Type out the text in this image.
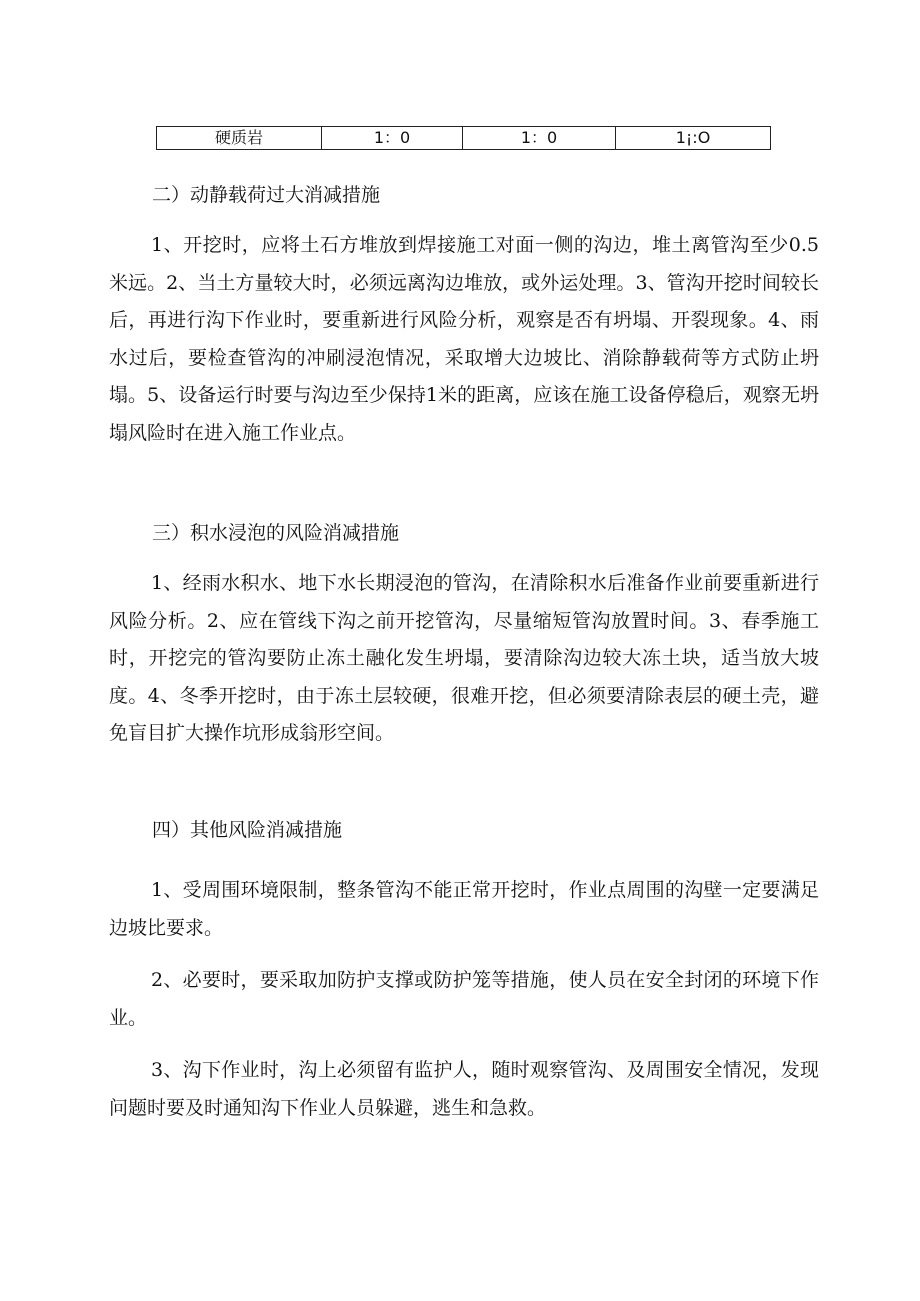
硬质岩	1：0	1：0	1¡:O
二）动静载荷过大消减措施
1、开挖时，应将土石方堆放到焊接施工对面一侧的沟边，堆土离管沟至少0.5米远。2、当土方量较大时，必须远离沟边堆放，或外运处理。3、管沟开挖时间较长后，再进行沟下作业时，要重新进行风险分析，观察是否有坍塌、开裂现象。4、雨水过后，要检查管沟的冲刷浸泡情况，采取增大边坡比、消除静载荷等方式防止坍塌。5、设备运行时要与沟边至少保持1米的距离，应该在施工设备停稳后，观察无坍塌风险时在进入施工作业点。
三）积水浸泡的风险消减措施
1、经雨水积水、地下水长期浸泡的管沟，在清除积水后准备作业前要重新进行风险分析。2、应在管线下沟之前开挖管沟，尽量缩短管沟放置时间。3、春季施工时，开挖完的管沟要防止冻土融化发生坍塌，要清除沟边较大冻土块，适当放大坡度。4、冬季开挖时，由于冻土层较硬，很难开挖，但必须要清除表层的硬土壳，避免盲目扩大操作坑形成翁形空间。
四）其他风险消减措施
1、受周围环境限制，整条管沟不能正常开挖时，作业点周围的沟壁一定要满足边坡比要求。
2、必要时，要采取加防护支撑或防护笼等措施，使人员在安全封闭的环境下作业。
3、沟下作业时，沟上必须留有监护人，随时观察管沟、及周围安全情况，发现问题时要及时通知沟下作业人员躲避，逃生和急救。
